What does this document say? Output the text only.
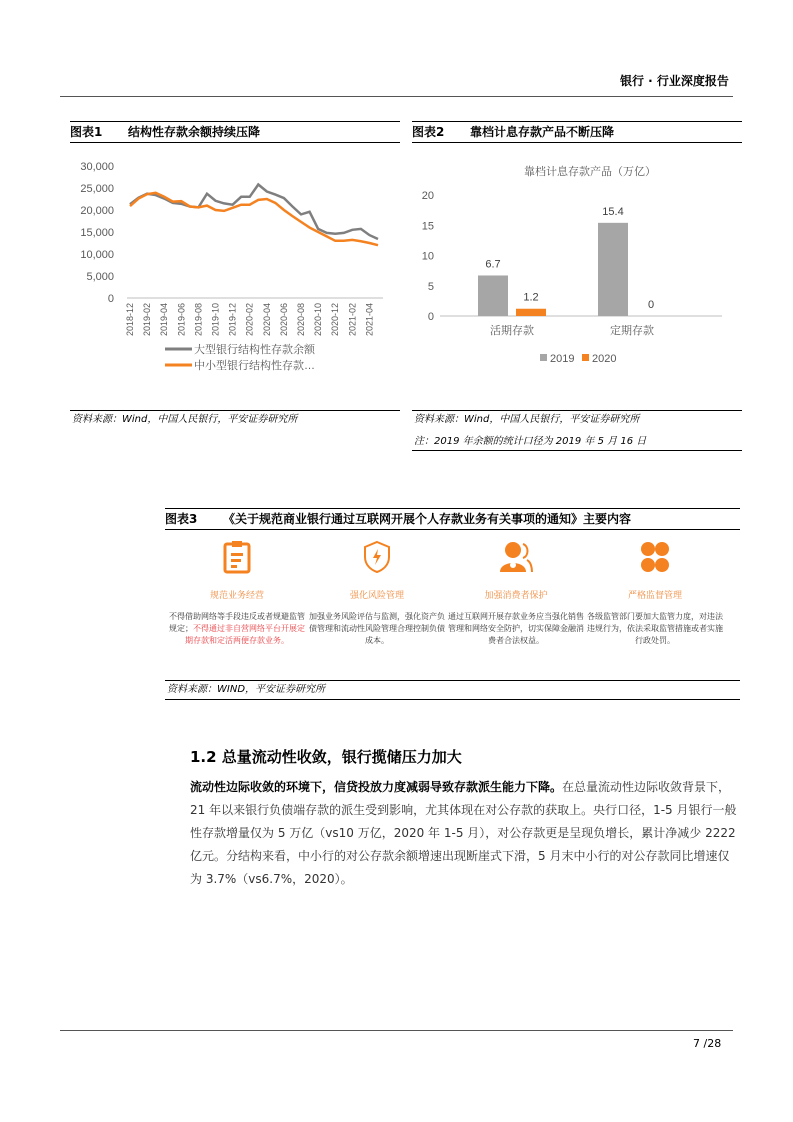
银行 · 行业深度报告
图表1 结构性存款余额持续压降	图表2 靠档计息存款产品不断压降
30,000
25,000
20,000
15,000
10,000
5,000
0
2018-12 2019-02 2019-04 2019-06 2019-08 2019-10 2019-12 2020-02 2020-04 2020-06 2020-08 2020-10 2020-12 2021-02 2021-04
大型银行结构性存款余额
中小型银行结构性存款…
靠档计息存款产品（万亿）
20
15
10
5
0
活期存款	定期存款
6.7
15.4
2019
1.2
0
2020
资料来源：Wind，中国人民银行，平安证券研究所	资料来源：Wind，中国人民银行，平安证券研究所
注：2019 年余额的统计口径为 2019 年 5 月 16 日
图表3 《关于规范商业银行通过互联网开展个人存款业务有关事项的通知》主要内容
规范业务经营
不得借助网络等手段违反或者规避监管规定；不得通过非自营网络平台开展定期存款和定活两便存款业务。
强化风险管理
加强业务风险评估与监测，强化资产负债管理和流动性风险管理合理控制负债成本。
加强消费者保护
通过互联网开展存款业务应当强化销售管理和网络安全防护，切实保障金融消费者合法权益。
严格监督管理
各级监管部门要加大监管力度，对违法违规行为，依法采取监管措施或者实施行政处罚。
资料来源：WIND，平安证券研究所
1.2 总量流动性收敛，银行揽储压力加大
流动性边际收敛的环境下，信贷投放力度减弱导致存款派生能力下降。在总量流动性边际收敛背景下，21 年以来银行负债端存款的派生受到影响，尤其体现在对公存款的获取上。央行口径，1-5 月银行一般性存款增量仅为 5 万亿（vs10 万亿，2020 年 1-5 月），对公存款更是呈现负增长，累计净减少 2222 亿元。分结构来看，中小行的对公存款余额增速出现断崖式下滑，5 月末中小行的对公存款同比增速仅为 3.7%（vs6.7%，2020）。
7 /28
